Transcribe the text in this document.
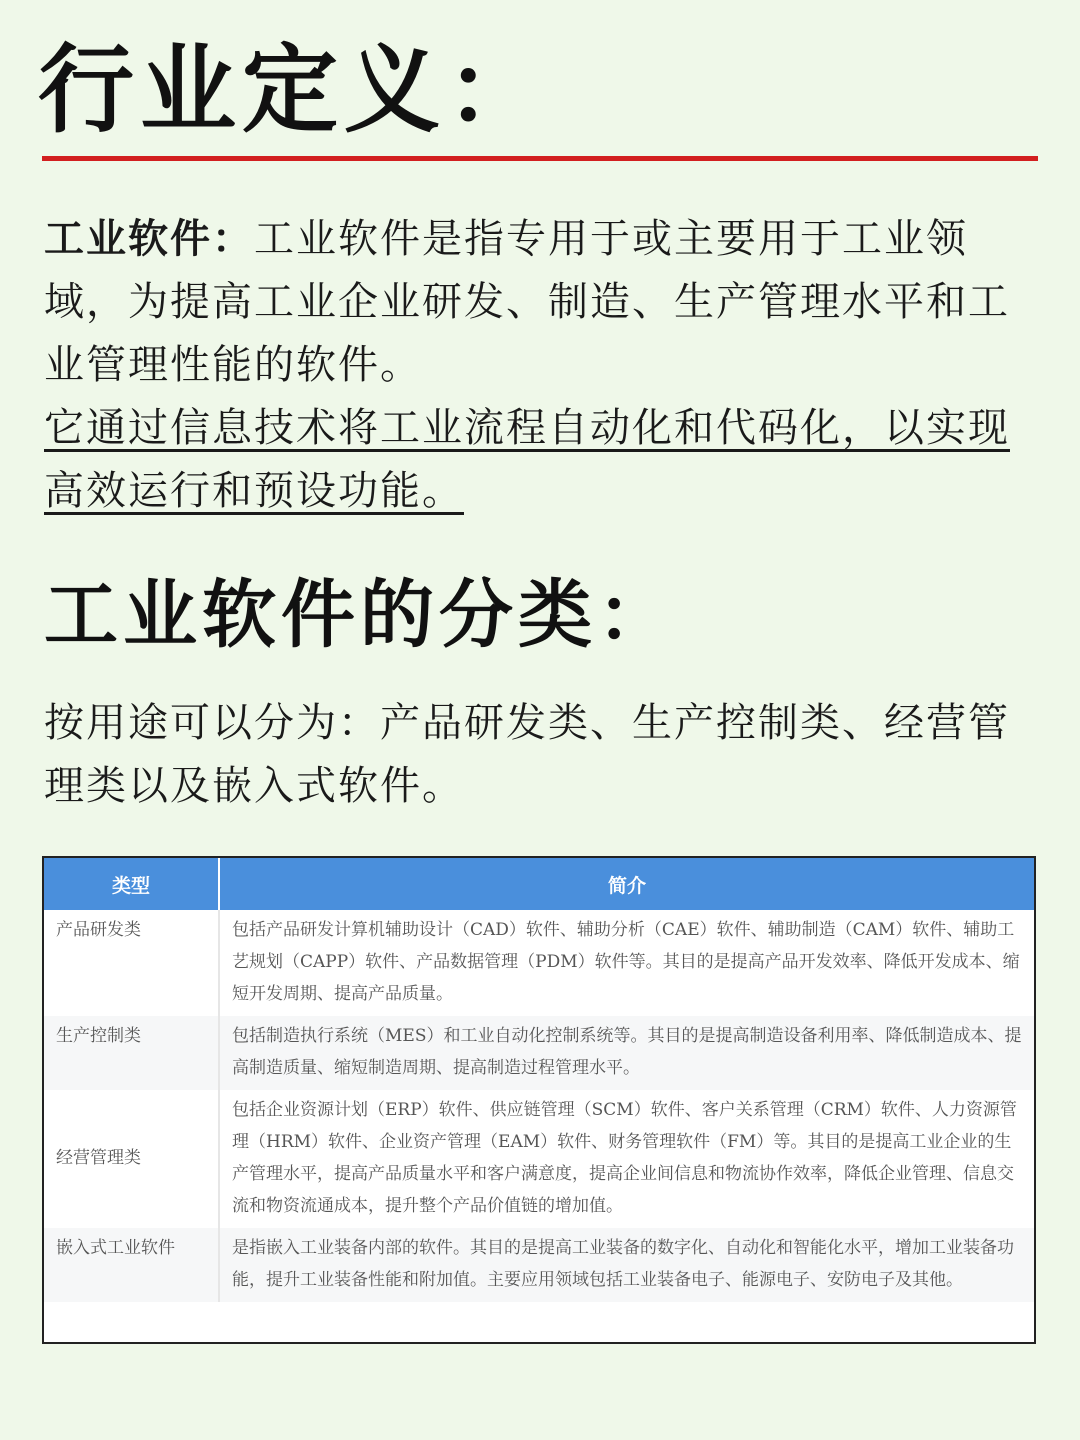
行业定义：

工业软件：工业软件是指专用于或主要用于工业领域，为提高工业企业研发、制造、生产管理水平和工业管理性能的软件。
它通过信息技术将工业流程自动化和代码化，以实现高效运行和预设功能。

工业软件的分类：

按用途可以分为：产品研发类、生产控制类、经营管理类以及嵌入式软件。

类型	简介
产品研发类	包括产品研发计算机辅助设计（CAD）软件、辅助分析（CAE）软件、辅助制造（CAM）软件、辅助工艺规划（CAPP）软件、产品数据管理（PDM）软件等。其目的是提高产品开发效率、降低开发成本、缩短开发周期、提高产品质量。
生产控制类	包括制造执行系统（MES）和工业自动化控制系统等。其目的是提高制造设备利用率、降低制造成本、提高制造质量、缩短制造周期、提高制造过程管理水平。
经营管理类	包括企业资源计划（ERP）软件、供应链管理（SCM）软件、客户关系管理（CRM）软件、人力资源管理（HRM）软件、企业资产管理（EAM）软件、财务管理软件（FM）等。其目的是提高工业企业的生产管理水平，提高产品质量水平和客户满意度，提高企业间信息和物流协作效率，降低企业管理、信息交流和物资流通成本，提升整个产品价值链的增加值。
嵌入式工业软件	是指嵌入工业装备内部的软件。其目的是提高工业装备的数字化、自动化和智能化水平，增加工业装备功能，提升工业装备性能和附加值。主要应用领域包括工业装备电子、能源电子、安防电子及其他。
